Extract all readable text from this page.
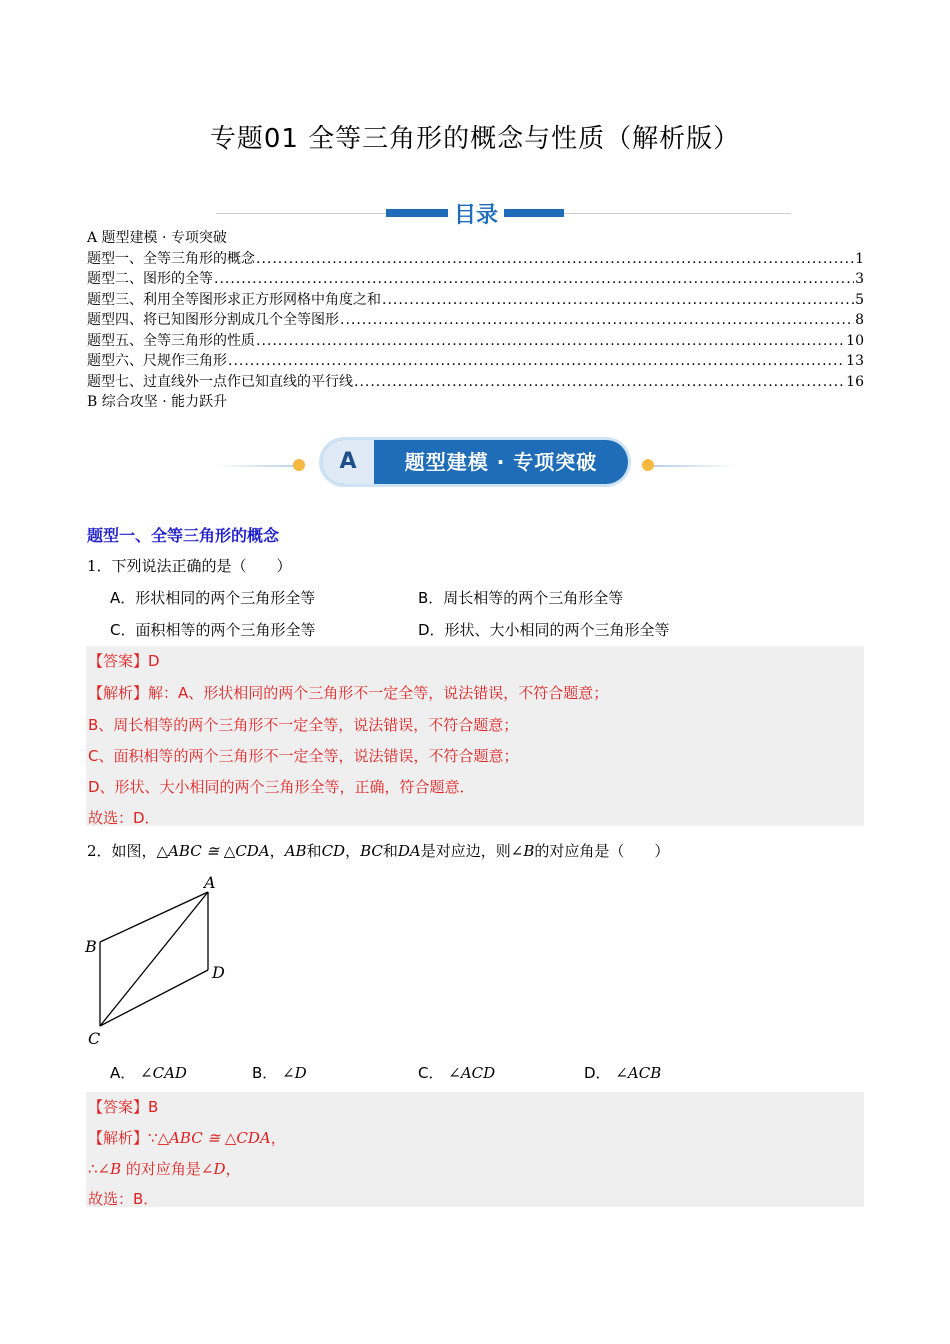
专题01 全等三角形的概念与性质（解析版）
目录
A 题型建模 · 专项突破
题型一、全等三角形的概念 .....	1
题型二、图形的全等 .....	3
题型三、利用全等图形求正方形网格中角度之和 .....	5
题型四、将已知图形分割成几个全等图形 .....	8
题型五、全等三角形的性质 .....	10
题型六、尺规作三角形 .....	13
题型七、过直线外一点作已知直线的平行线 .....	16
B 综合攻坚 · 能力跃升
A	题型建模 · 专项突破
题型一、全等三角形的概念
1．下列说法正确的是（　　）
A．形状相同的两个三角形全等	B．周长相等的两个三角形全等
C．面积相等的两个三角形全等	D．形状、大小相同的两个三角形全等
【答案】D
【解析】解：A、形状相同的两个三角形不一定全等，说法错误，不符合题意；
B、周长相等的两个三角形不一定全等，说法错误，不符合题意；
C、面积相等的两个三角形不一定全等，说法错误，不符合题意；
D、形状、大小相同的两个三角形全等，正确，符合题意．
故选：D．
2．如图，△ABC ≅ △CDA，AB和CD，BC和DA是对应边，则∠B的对应角是（　　）
A
B
D
C
A． ∠CAD	B． ∠D	C． ∠ACD	D． ∠ACB
【答案】B
【解析】∵△ABC ≅ △CDA，
∴∠B 的对应角是∠D，
故选：B．
